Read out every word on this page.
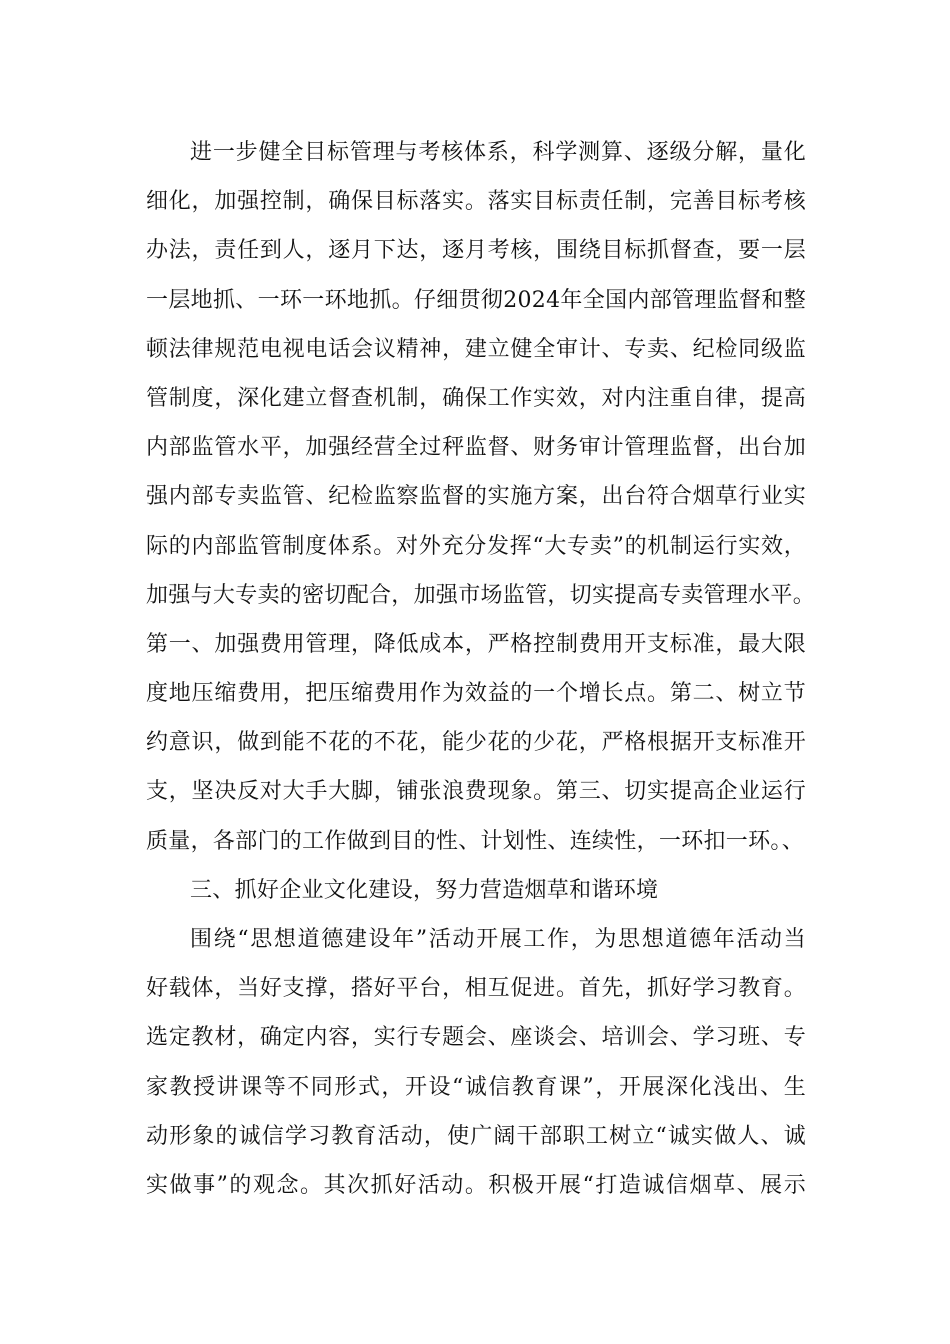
进一步健全目标管理与考核体系，科学测算、逐级分解，量化
细化，加强控制，确保目标落实。落实目标责任制，完善目标考核
办法，责任到人，逐月下达，逐月考核，围绕目标抓督查，要一层
一层地抓、一环一环地抓。仔细贯彻2024年全国内部管理监督和整
顿法律规范电视电话会议精神，建立健全审计、专卖、纪检同级监
管制度，深化建立督查机制，确保工作实效，对内注重自律，提高
内部监管水平，加强经营全过秤监督、财务审计管理监督，出台加
强内部专卖监管、纪检监察监督的实施方案，出台符合烟草行业实
际的内部监管制度体系。对外充分发挥“大专卖”的机制运行实效，
加强与大专卖的密切配合，加强市场监管，切实提高专卖管理水平。
第一、加强费用管理，降低成本，严格控制费用开支标准，最大限
度地压缩费用，把压缩费用作为效益的一个增长点。第二、树立节
约意识，做到能不花的不花，能少花的少花，严格根据开支标准开
支，坚决反对大手大脚，铺张浪费现象。第三、切实提高企业运行
质量，各部门的工作做到目的性、计划性、连续性，一环扣一环。、
三、抓好企业文化建设，努力营造烟草和谐环境
围绕“思想道德建设年”活动开展工作，为思想道德年活动当
好载体，当好支撑，搭好平台，相互促进。首先，抓好学习教育。
选定教材，确定内容，实行专题会、座谈会、培训会、学习班、专
家教授讲课等不同形式，开设“诚信教育课”，开展深化浅出、生
动形象的诚信学习教育活动，使广阔干部职工树立“诚实做人、诚
实做事”的观念。其次抓好活动。积极开展“打造诚信烟草、展示
